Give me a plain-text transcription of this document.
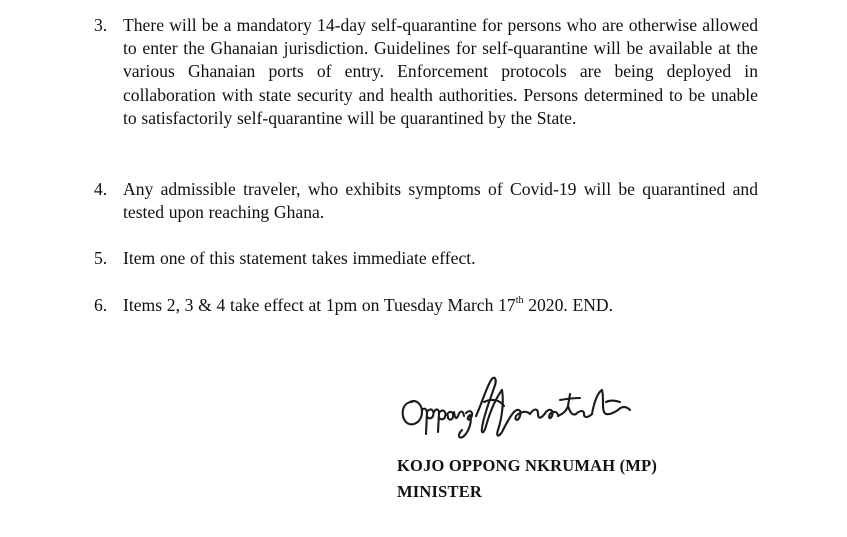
3. There will be a mandatory 14-day self-quarantine for persons who are otherwise allowed to enter the Ghanaian jurisdiction. Guidelines for self-quarantine will be available at the various Ghanaian ports of entry. Enforcement protocols are being deployed in collaboration with state security and health authorities. Persons determined to be unable to satisfactorily self-quarantine will be quarantined by the State.
4. Any admissible traveler, who exhibits symptoms of Covid-19 will be quarantined and tested upon reaching Ghana.
5. Item one of this statement takes immediate effect.
6. Items 2, 3 & 4 take effect at 1pm on Tuesday March 17th 2020. END.
KOJO OPPONG NKRUMAH (MP)
MINISTER
